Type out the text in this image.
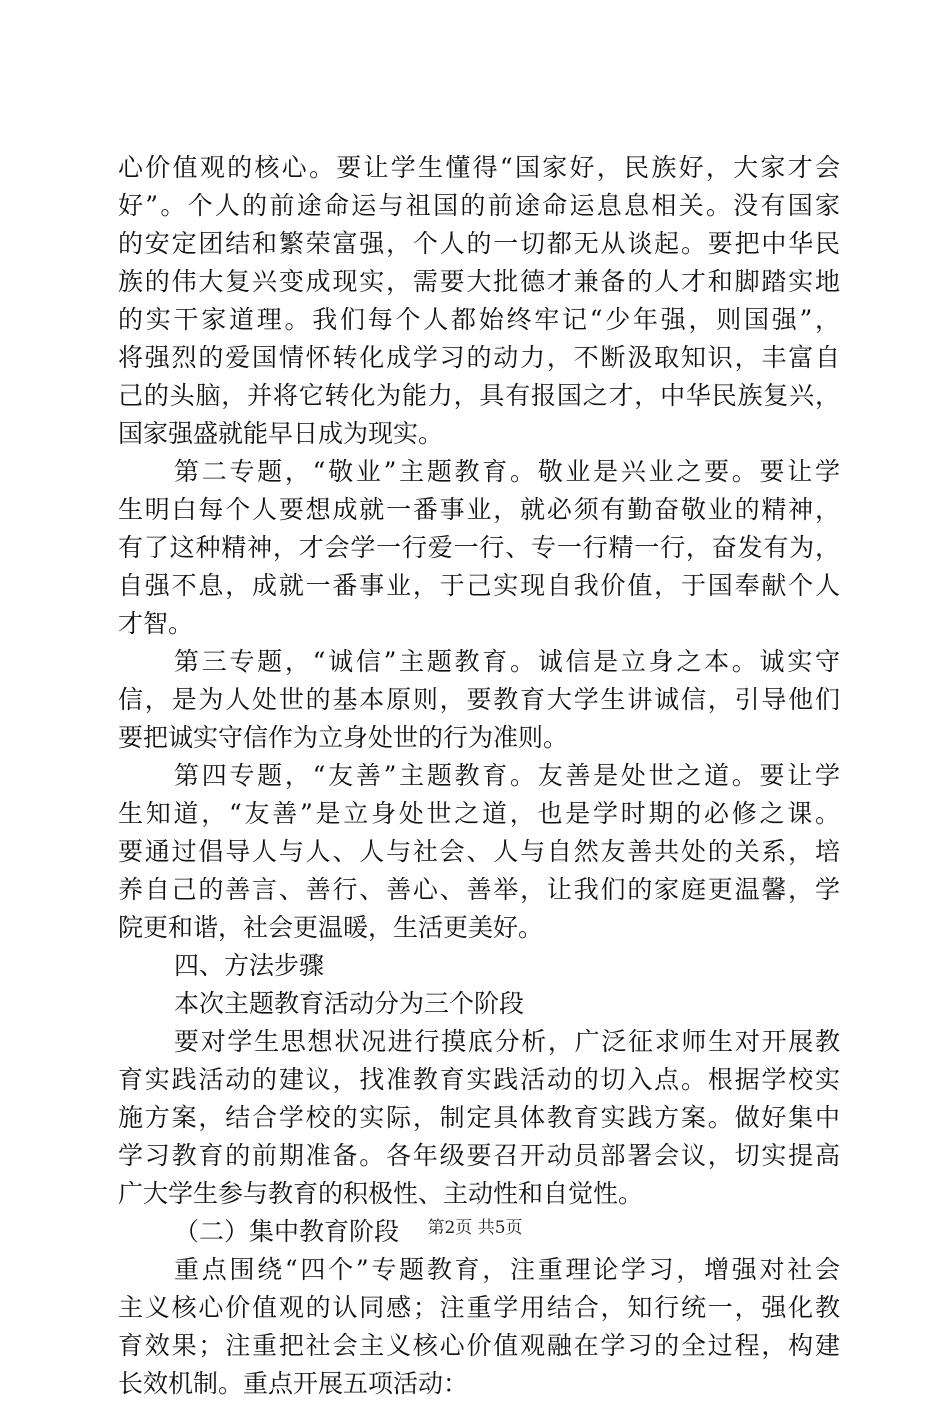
心价值观的核心。要让学生懂得“国家好，民族好，大家才会
好”。个人的前途命运与祖国的前途命运息息相关。没有国家
的安定团结和繁荣富强，个人的一切都无从谈起。要把中华民
族的伟大复兴变成现实，需要大批德才兼备的人才和脚踏实地
的实干家道理。我们每个人都始终牢记“少年强，则国强”，
将强烈的爱国情怀转化成学习的动力，不断汲取知识，丰富自
己的头脑，并将它转化为能力，具有报国之才，中华民族复兴，
国家强盛就能早日成为现实。
第二专题，“敬业”主题教育。敬业是兴业之要。要让学
生明白每个人要想成就一番事业，就必须有勤奋敬业的精神，
有了这种精神，才会学一行爱一行、专一行精一行，奋发有为，
自强不息，成就一番事业，于己实现自我价值，于国奉献个人
才智。
第三专题，“诚信”主题教育。诚信是立身之本。诚实守
信，是为人处世的基本原则，要教育大学生讲诚信，引导他们
要把诚实守信作为立身处世的行为准则。
第四专题，“友善”主题教育。友善是处世之道。要让学
生知道，“友善”是立身处世之道，也是学时期的必修之课。
要通过倡导人与人、人与社会、人与自然友善共处的关系，培
养自己的善言、善行、善心、善举，让我们的家庭更温馨，学
院更和谐，社会更温暖，生活更美好。
四、方法步骤
本次主题教育活动分为三个阶段
要对学生思想状况进行摸底分析，广泛征求师生对开展教
育实践活动的建议，找准教育实践活动的切入点。根据学校实
施方案，结合学校的实际，制定具体教育实践方案。做好集中
学习教育的前期准备。各年级要召开动员部署会议，切实提高
广大学生参与教育的积极性、主动性和自觉性。
（二）集中教育阶段
重点围绕“四个”专题教育，注重理论学习，增强对社会
主义核心价值观的认同感；注重学用结合，知行统一，强化教
育效果；注重把社会主义核心价值观融在学习的全过程，构建
长效机制。重点开展五项活动：
第2页 共5页
